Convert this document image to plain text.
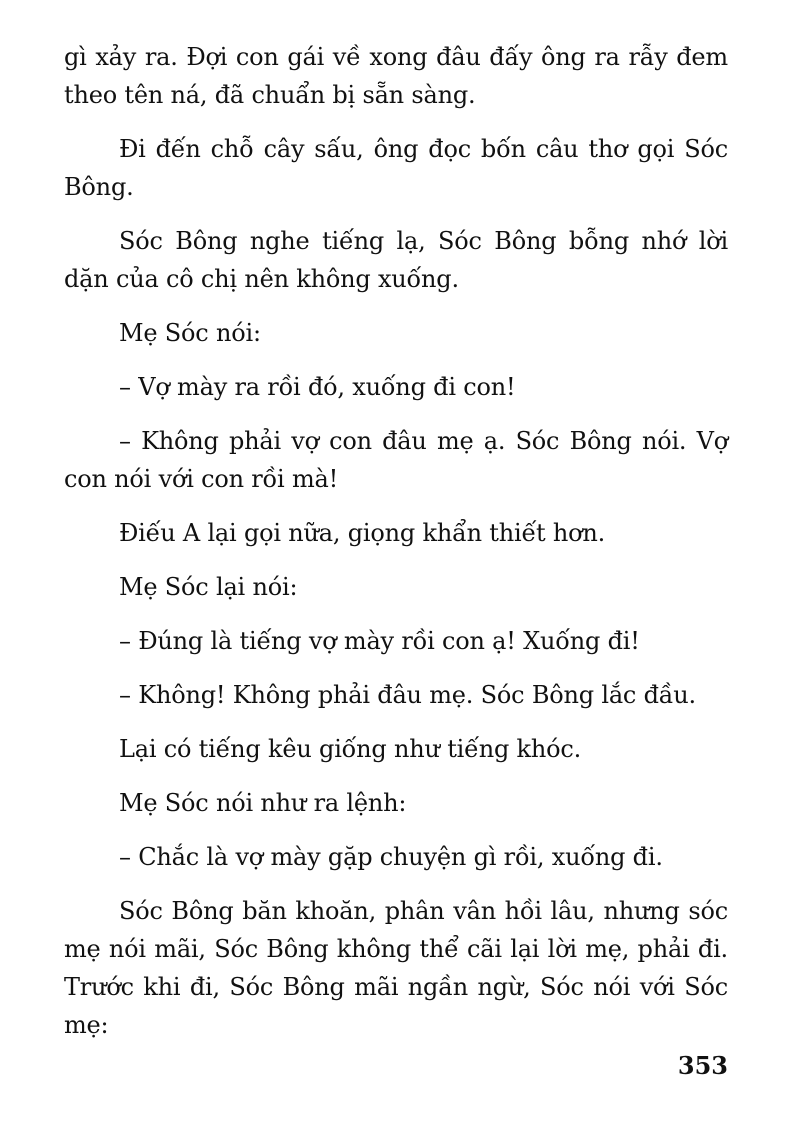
gì xảy ra. Đợi con gái về xong đâu đấy ông ra rẫy đem theo tên ná, đã chuẩn bị sẵn sàng.

Đi đến chỗ cây sấu, ông đọc bốn câu thơ gọi Sóc Bông.

Sóc Bông nghe tiếng lạ, Sóc Bông bỗng nhớ lời dặn của cô chị nên không xuống.

Mẹ Sóc nói:

– Vợ mày ra rồi đó, xuống đi con!

– Không phải vợ con đâu mẹ ạ. Sóc Bông nói. Vợ con nói với con rồi mà!

Điếu A lại gọi nữa, giọng khẩn thiết hơn.

Mẹ Sóc lại nói:

– Đúng là tiếng vợ mày rồi con ạ! Xuống đi!

– Không! Không phải đâu mẹ. Sóc Bông lắc đầu.

Lại có tiếng kêu giống như tiếng khóc.

Mẹ Sóc nói như ra lệnh:

– Chắc là vợ mày gặp chuyện gì rồi, xuống đi.

Sóc Bông băn khoăn, phân vân hồi lâu, nhưng sóc mẹ nói mãi, Sóc Bông không thể cãi lại lời mẹ, phải đi. Trước khi đi, Sóc Bông mãi ngần ngừ, Sóc nói với Sóc mẹ:

353
